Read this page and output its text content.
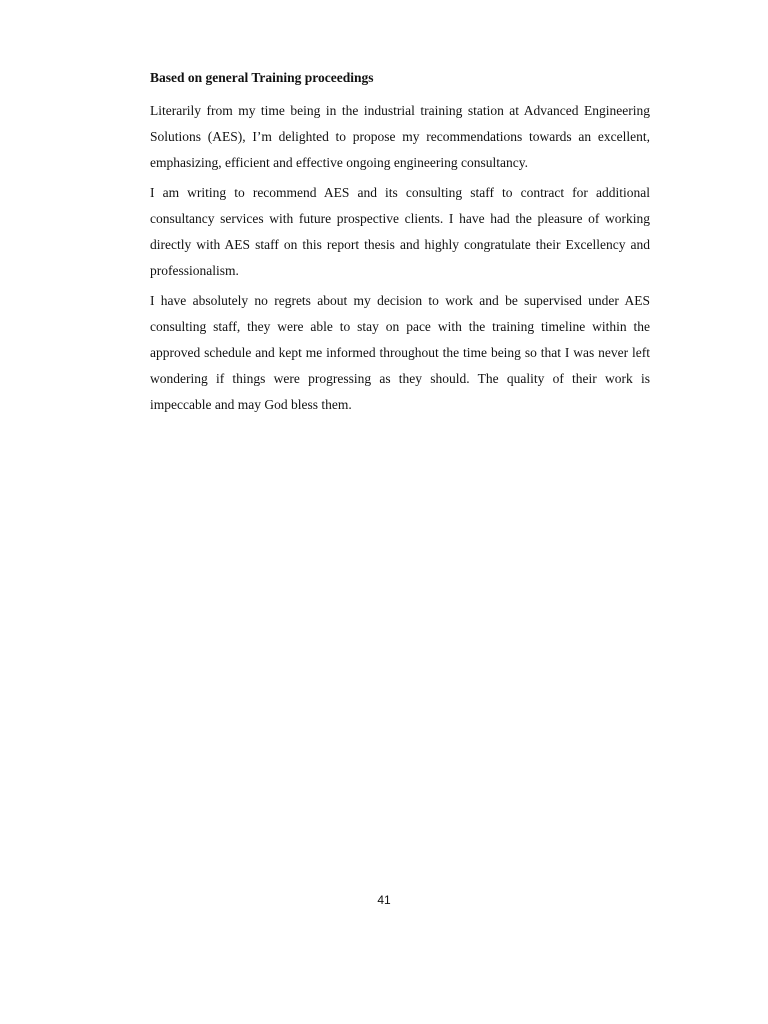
Based on general Training proceedings

Literarily from my time being in the industrial training station at Advanced Engineering Solutions (AES), I’m delighted to propose my recommendations towards an excellent, emphasizing, efficient and effective ongoing engineering consultancy.

I am writing to recommend AES and its consulting staff to contract for additional consultancy services with future prospective clients. I have had the pleasure of working directly with AES staff on this report thesis and highly congratulate their Excellency and professionalism.

I have absolutely no regrets about my decision to work and be supervised under AES consulting staff, they were able to stay on pace with the training timeline within the approved schedule and kept me informed throughout the time being so that I was never left wondering if things were progressing as they should. The quality of their work is impeccable and may God bless them.

41
